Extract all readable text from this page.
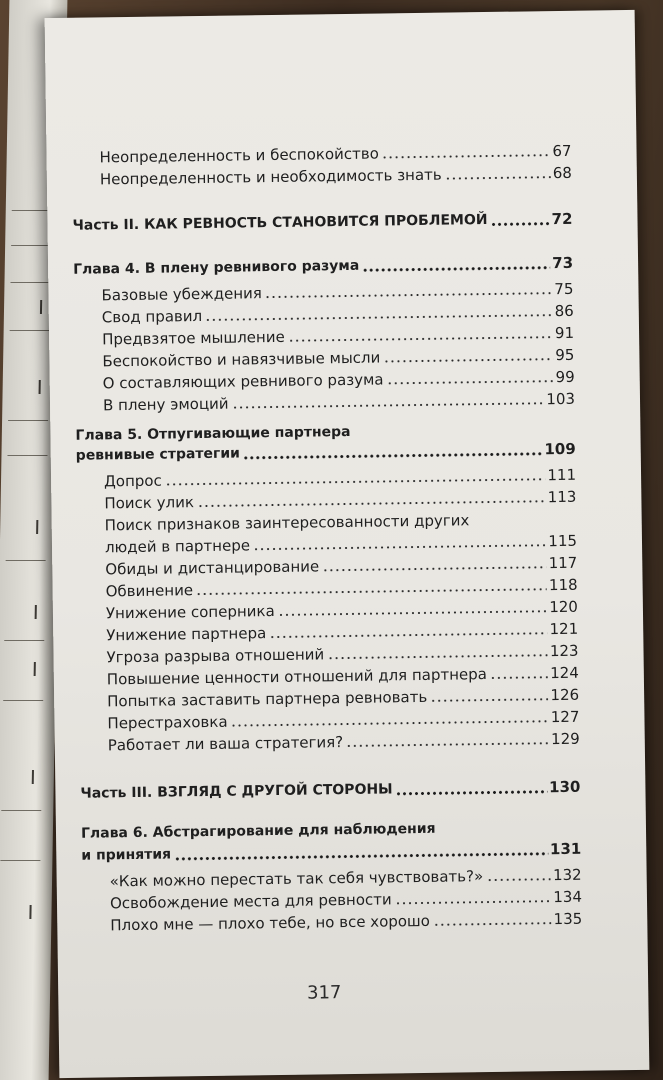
Неопределенность и беспокойство	67
Неопределенность и необходимость знать	68
Часть II. КАК РЕВНОСТЬ СТАНОВИТСЯ ПРОБЛЕМОЙ	72
Глава 4. В плену ревнивого разума	73
Базовые убеждения	75
Свод правил	86
Предвзятое мышление	91
Беспокойство и навязчивые мысли	95
О составляющих ревнивого разума	99
В плену эмоций	103
Глава 5. Отпугивающие партнера
ревнивые стратегии	109
Допрос	111
Поиск улик	113
Поиск признаков заинтересованности других
людей в партнере	115
Обиды и дистанцирование	117
Обвинение	118
Унижение соперника	120
Унижение партнера	121
Угроза разрыва отношений	123
Повышение ценности отношений для партнера	124
Попытка заставить партнера ревновать	126
Перестраховка	127
Работает ли ваша стратегия?	129
Часть III. ВЗГЛЯД С ДРУГОЙ СТОРОНЫ	130
Глава 6. Абстрагирование для наблюдения
и принятия	131
«Как можно перестать так себя чувствовать?»	132
Освобождение места для ревности	134
Плохо мне — плохо тебе, но все хорошо	135
317
